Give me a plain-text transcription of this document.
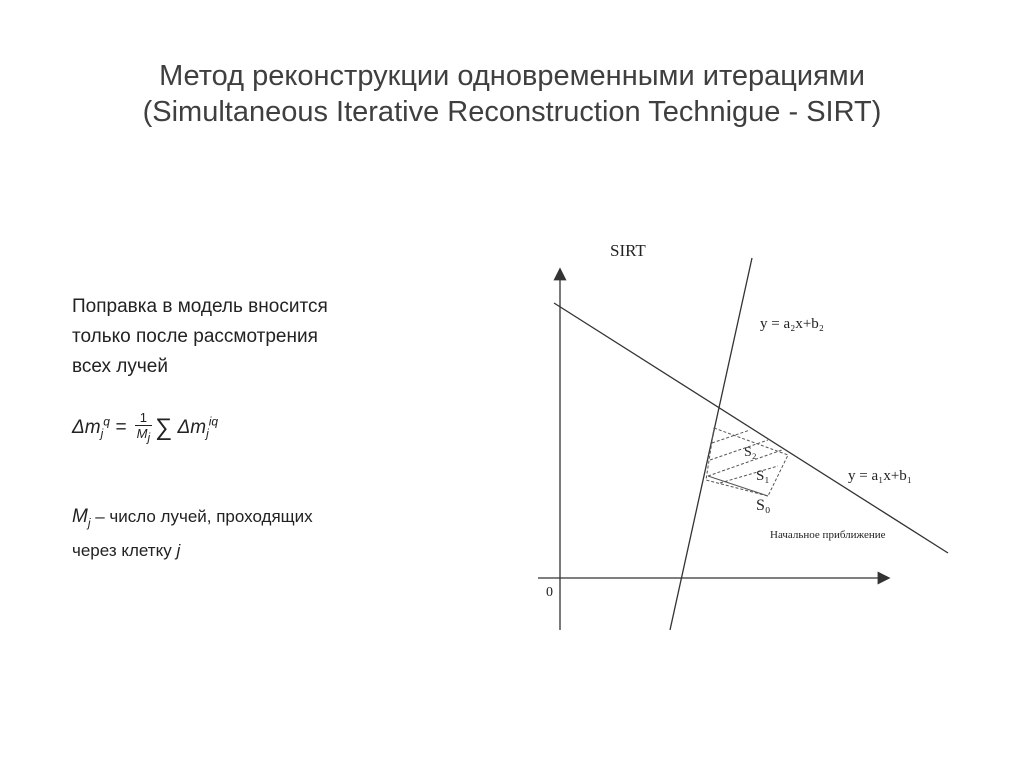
Метод реконструкции одновременными итерациями
(Simultaneous Iterative Reconstruction Technigue - SIRT)
Поправка в модель вносится
только после рассмотрения
всех лучей
$\Delta m_j^q = \frac{1}{M_j}$ ∑ $\Delta m_j^{iq}$
$M_j$ – число лучей, проходящих
через клетку j
SIRT
0
y = a₂x+b₂
y = a₁x+b₁
S₂
S₁
S₀
Начальное приближение
